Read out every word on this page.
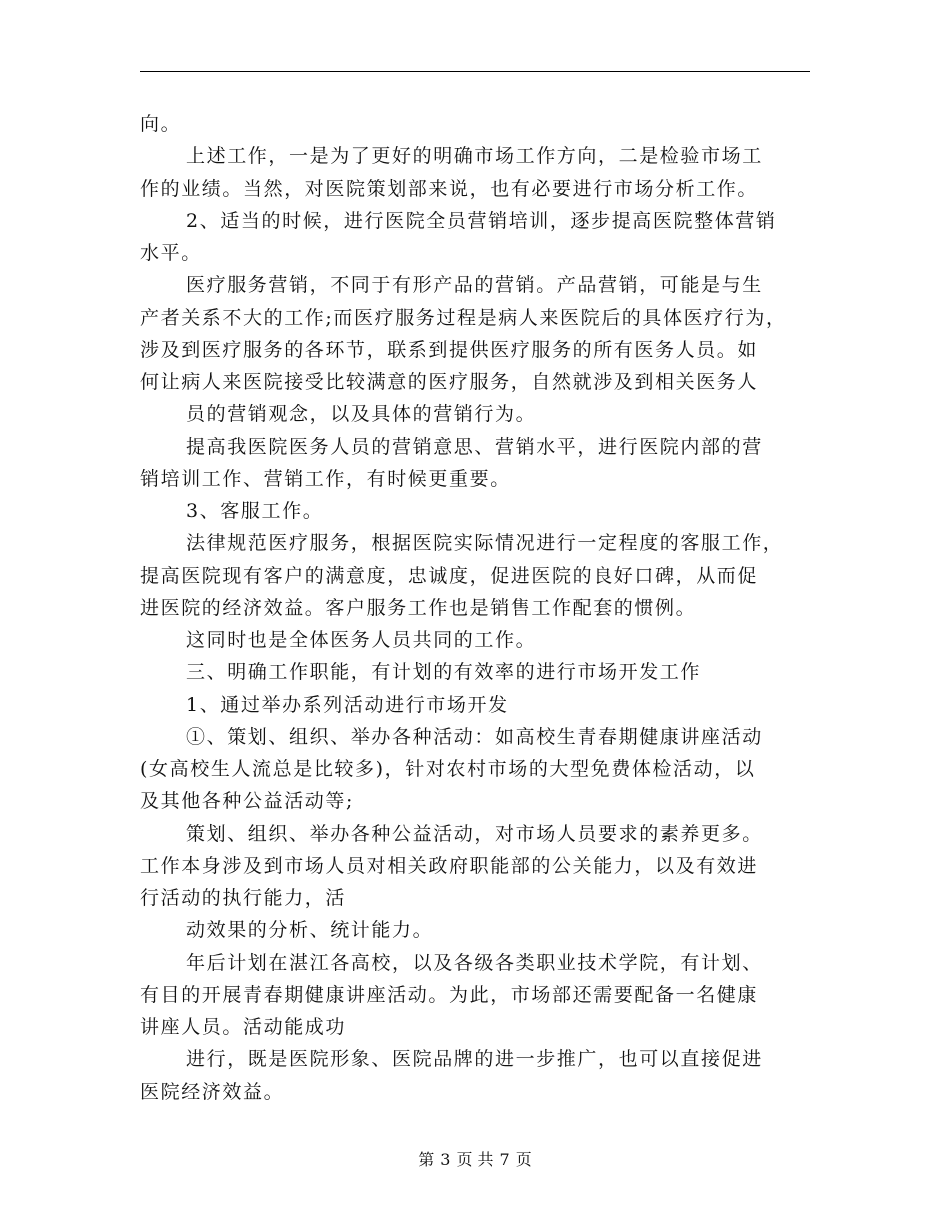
向。
上述工作，一是为了更好的明确市场工作方向，二是检验市场工
作的业绩。当然，对医院策划部来说，也有必要进行市场分析工作。
2、适当的时候，进行医院全员营销培训，逐步提高医院整体营销
水平。
医疗服务营销，不同于有形产品的营销。产品营销，可能是与生
产者关系不大的工作;而医疗服务过程是病人来医院后的具体医疗行为，
涉及到医疗服务的各环节，联系到提供医疗服务的所有医务人员。如
何让病人来医院接受比较满意的医疗服务，自然就涉及到相关医务人
员的营销观念，以及具体的营销行为。
提高我医院医务人员的营销意思、营销水平，进行医院内部的营
销培训工作、营销工作，有时候更重要。
3、客服工作。
法律规范医疗服务，根据医院实际情况进行一定程度的客服工作，
提高医院现有客户的满意度，忠诚度，促进医院的良好口碑，从而促
进医院的经济效益。客户服务工作也是销售工作配套的惯例。
这同时也是全体医务人员共同的工作。
三、明确工作职能，有计划的有效率的进行市场开发工作
1、通过举办系列活动进行市场开发
①、策划、组织、举办各种活动：如高校生青春期健康讲座活动
(女高校生人流总是比较多)，针对农村市场的大型免费体检活动，以
及其他各种公益活动等;
策划、组织、举办各种公益活动，对市场人员要求的素养更多。
工作本身涉及到市场人员对相关政府职能部的公关能力，以及有效进
行活动的执行能力，活
动效果的分析、统计能力。
年后计划在湛江各高校，以及各级各类职业技术学院，有计划、
有目的开展青春期健康讲座活动。为此，市场部还需要配备一名健康
讲座人员。活动能成功
进行，既是医院形象、医院品牌的进一步推广，也可以直接促进
医院经济效益。
第 3 页 共 7 页
